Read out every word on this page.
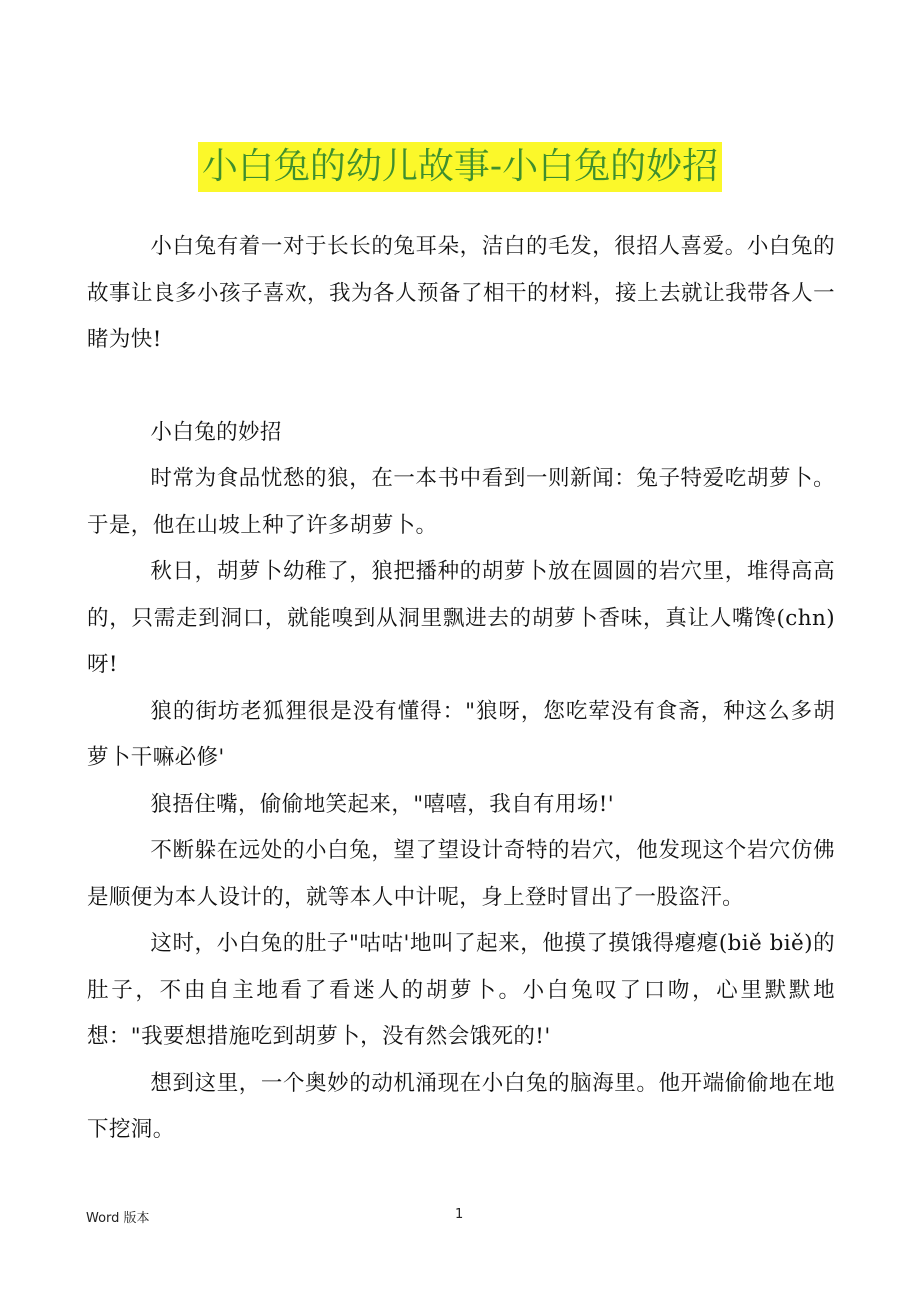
小白兔的幼儿故事-小白兔的妙招

小白兔有着一对于长长的兔耳朵，洁白的毛发，很招人喜爱。小白兔的故事让良多小孩子喜欢，我为各人预备了相干的材料，接上去就让我带各人一睹为快!

小白兔的妙招

时常为食品忧愁的狼，在一本书中看到一则新闻：兔子特爱吃胡萝卜。于是，他在山坡上种了许多胡萝卜。

秋日，胡萝卜幼稚了，狼把播种的胡萝卜放在圆圆的岩穴里，堆得高高的，只需走到洞口，就能嗅到从洞里飘进去的胡萝卜香味，真让人嘴馋(chn)呀!

狼的街坊老狐狸很是没有懂得："狼呀，您吃荤没有食斋，种这么多胡萝卜干嘛必修'

狼捂住嘴，偷偷地笑起来，"嘻嘻，我自有用场!'

不断躲在远处的小白兔，望了望设计奇特的岩穴，他发现这个岩穴仿佛是顺便为本人设计的，就等本人中计呢，身上登时冒出了一股盗汗。

这时，小白兔的肚子"咕咕'地叫了起来，他摸了摸饿得瘪瘪(biě biě)的肚子，不由自主地看了看迷人的胡萝卜。小白兔叹了口吻，心里默默地想："我要想措施吃到胡萝卜，没有然会饿死的!'

想到这里，一个奥妙的动机涌现在小白兔的脑海里。他开端偷偷地在地下挖洞。

Word 版本	1
